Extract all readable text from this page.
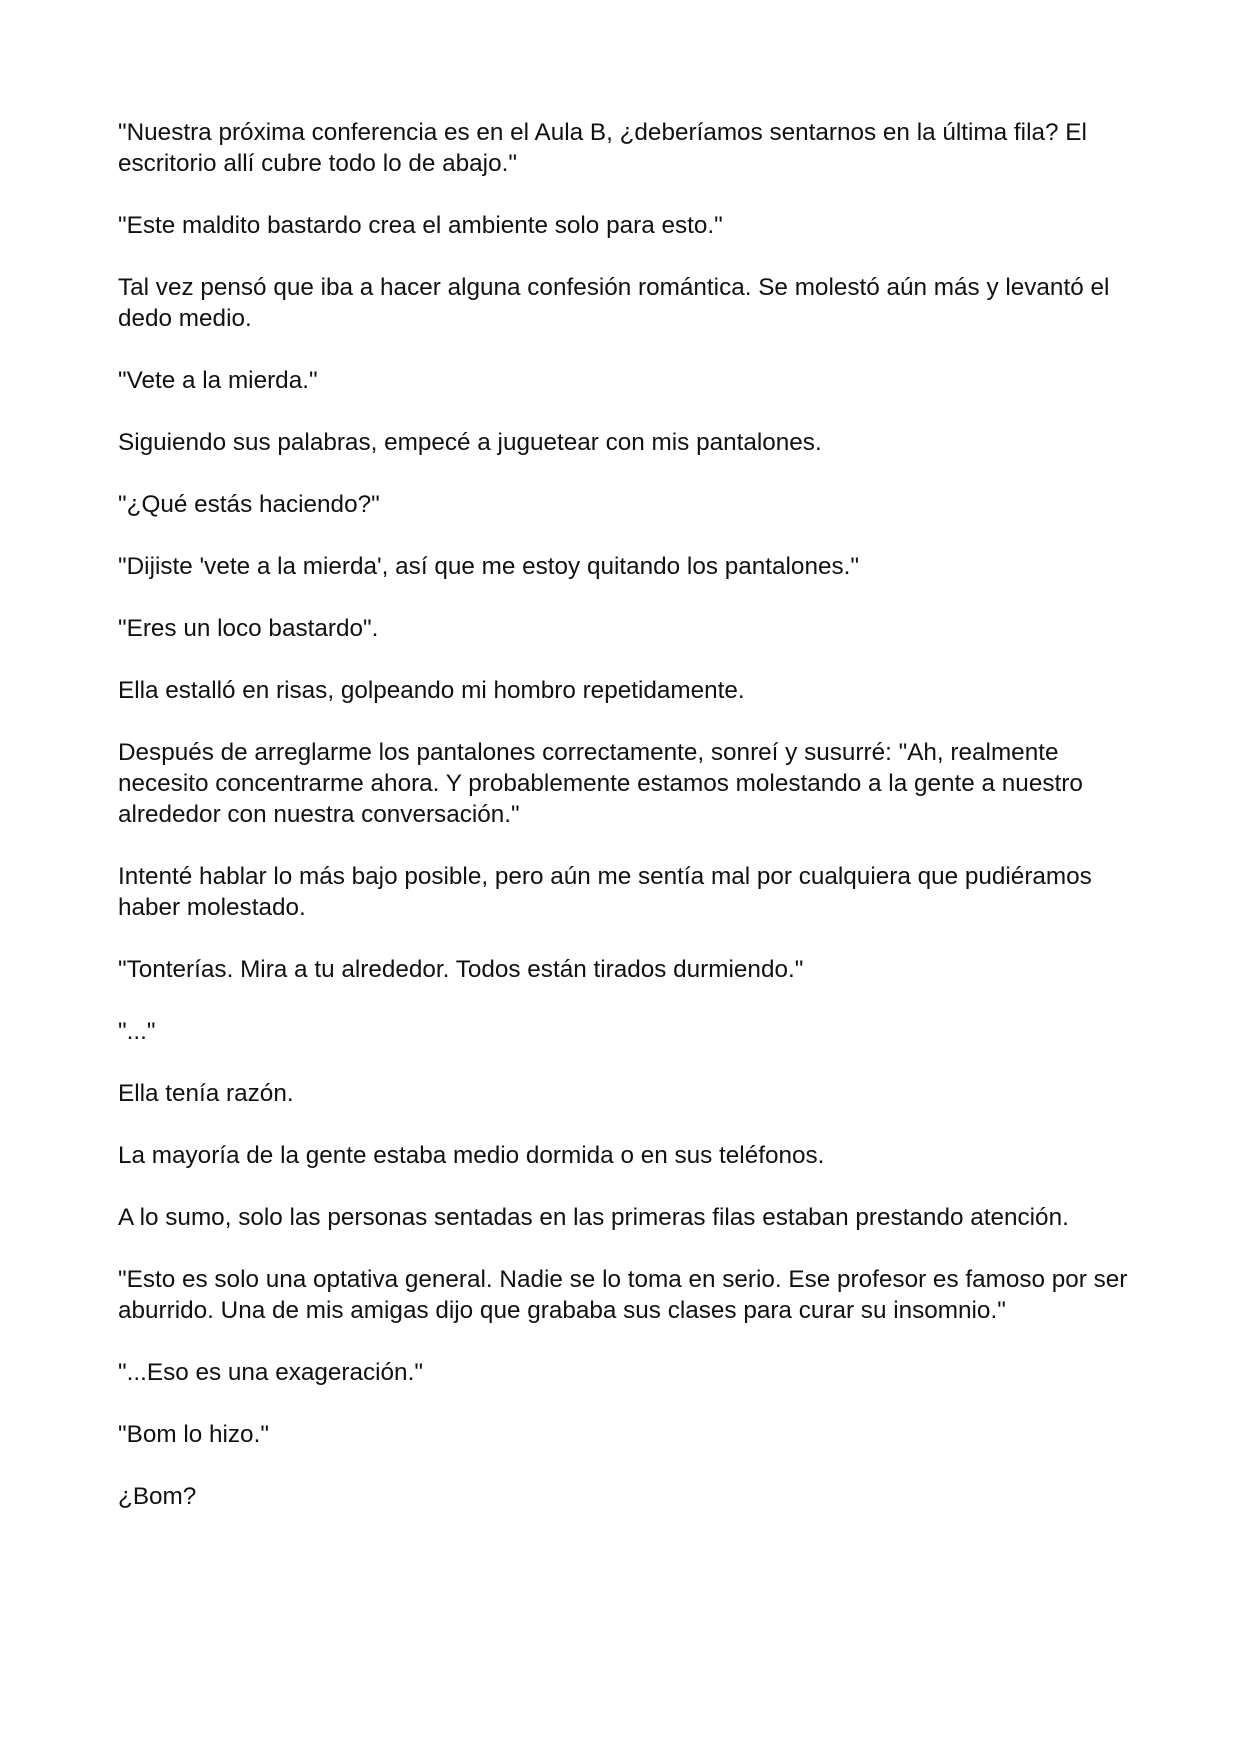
"Nuestra próxima conferencia es en el Aula B, ¿deberíamos sentarnos en la última fila? El escritorio allí cubre todo lo de abajo."

"Este maldito bastardo crea el ambiente solo para esto."

Tal vez pensó que iba a hacer alguna confesión romántica. Se molestó aún más y levantó el dedo medio.

"Vete a la mierda."

Siguiendo sus palabras, empecé a juguetear con mis pantalones.

"¿Qué estás haciendo?"

"Dijiste 'vete a la mierda', así que me estoy quitando los pantalones."

"Eres un loco bastardo".

Ella estalló en risas, golpeando mi hombro repetidamente.

Después de arreglarme los pantalones correctamente, sonreí y susurré: "Ah, realmente necesito concentrarme ahora. Y probablemente estamos molestando a la gente a nuestro alrededor con nuestra conversación."

Intenté hablar lo más bajo posible, pero aún me sentía mal por cualquiera que pudiéramos haber molestado.

"Tonterías. Mira a tu alrededor. Todos están tirados durmiendo."

"..."

Ella tenía razón.

La mayoría de la gente estaba medio dormida o en sus teléfonos.

A lo sumo, solo las personas sentadas en las primeras filas estaban prestando atención.

"Esto es solo una optativa general. Nadie se lo toma en serio. Ese profesor es famoso por ser aburrido. Una de mis amigas dijo que grababa sus clases para curar su insomnio."

"...Eso es una exageración."

"Bom lo hizo."

¿Bom?
